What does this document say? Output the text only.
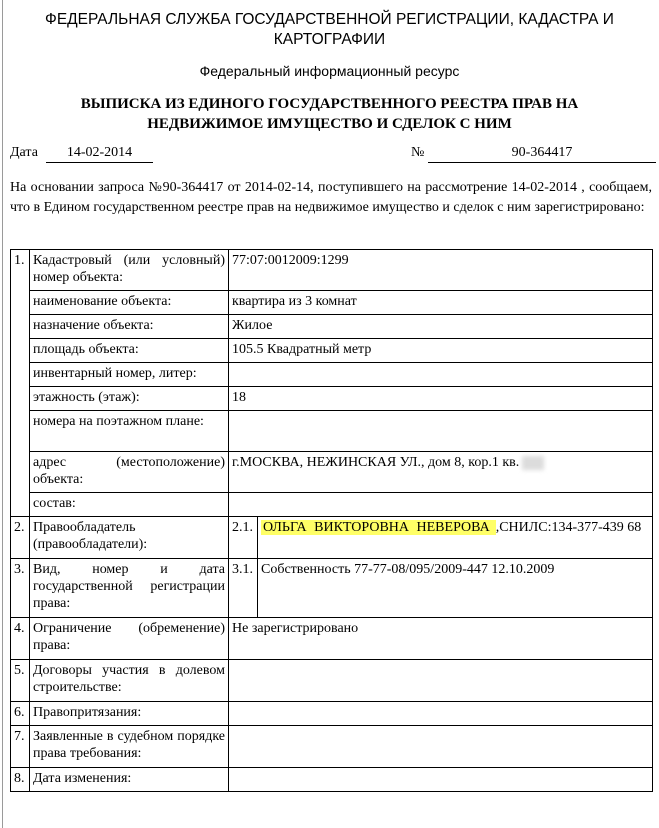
ФЕДЕРАЛЬНАЯ СЛУЖБА ГОСУДАРСТВЕННОЙ РЕГИСТРАЦИИ, КАДАСТРА И
КАРТОГРАФИИ
Федеральный информационный ресурс
ВЫПИСКА ИЗ ЕДИНОГО ГОСУДАРСТВЕННОГО РЕЕСТРА ПРАВ НА
НЕДВИЖИМОЕ ИМУЩЕСТВО И СДЕЛОК С НИМ
Дата	14-02-2014	№	90-364417

На основании запроса №90-364417 от 2014-02-14, поступившего на рассмотрение 14-02-2014 , сообщаем, что в Едином государственном реестре прав на недвижимое имущество и сделок с ним зарегистрировано:

1.	Кадастровый (или условный) номер объекта:	77:07:0012009:1299	
	наименование объекта:	квартира из 3 комнат	
	назначение объекта:	Жилое	
	площадь объекта:	105.5 Квадратный метр	
	инвентарный номер, литер:		
	этажность (этаж):	18	
	номера на поэтажном плане:		
	адрес (местоположение) объекта:	г.МОСКВА, НЕЖИНСКАЯ УЛ., дом 8, кор.1 кв.	
	состав:		
2.	Правообладатель (правообладатели):	2.1.	ОЛЬГА ВИКТОРОВНА НЕВЕРОВА ,СНИЛС:134-377-439 68
3.	Вид, номер и дата государственной регистрации права:	3.1.	Собственность 77-77-08/095/2009-447 12.10.2009
4.	Ограничение (обременение) права:	Не зарегистрировано	
5.	Договоры участия в долевом строительстве:		
6.	Правопритязания:		
7.	Заявленные в судебном порядке права требования:		
8.	Дата изменения:		
